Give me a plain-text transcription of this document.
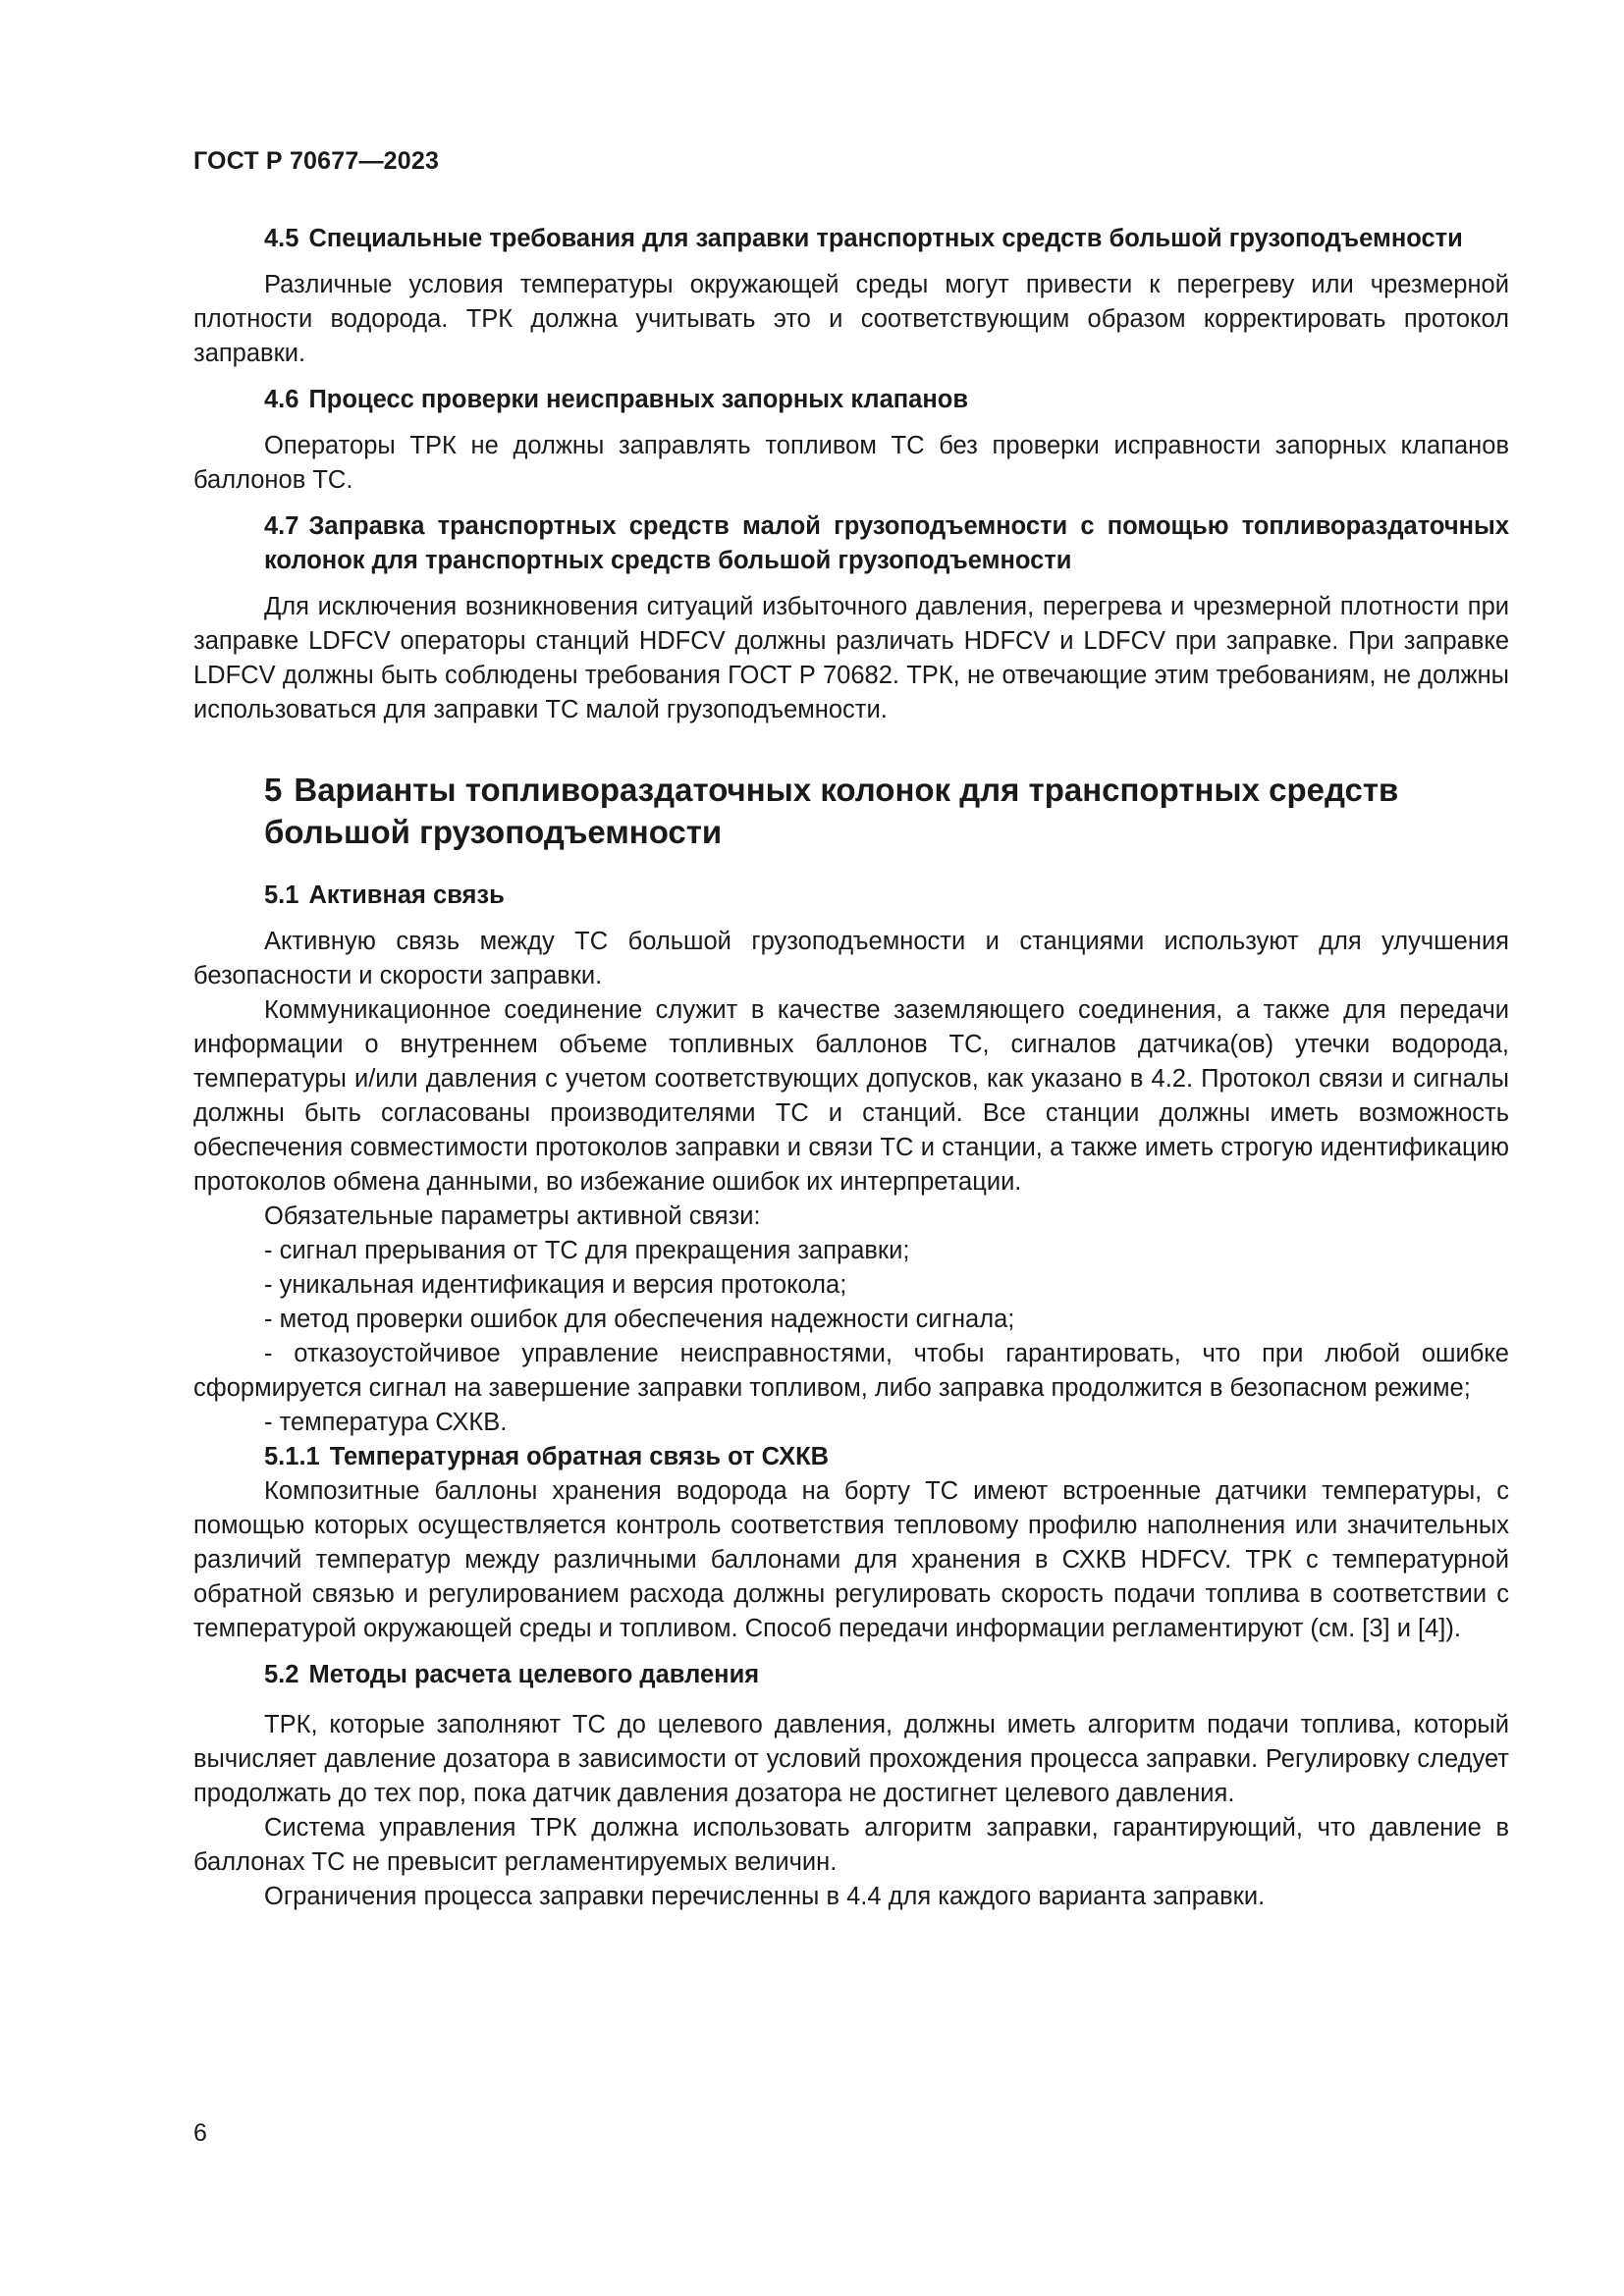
ГОСТ Р 70677—2023
4.5 Специальные требования для заправки транспортных средств большой грузоподъемности

Различные условия температуры окружающей среды могут привести к перегреву или чрезмерной плотности водорода. ТРК должна учитывать это и соответствующим образом корректировать протокол заправки.

4.6 Процесс проверки неисправных запорных клапанов

Операторы ТРК не должны заправлять топливом ТС без проверки исправности запорных клапанов баллонов ТС.

4.7 Заправка транспортных средств малой грузоподъемности с помощью топливораздаточных колонок для транспортных средств большой грузоподъемности

Для исключения возникновения ситуаций избыточного давления, перегрева и чрезмерной плотности при заправке LDFCV операторы станций HDFCV должны различать HDFCV и LDFCV при заправке. При заправке LDFCV должны быть соблюдены требования ГОСТ Р 70682. ТРК, не отвечающие этим требованиям, не должны использоваться для заправки ТС малой грузоподъемности.

5 Варианты топливораздаточных колонок для транспортных средств большой грузоподъемности
5.1 Активная связь

Активную связь между ТС большой грузоподъемности и станциями используют для улучшения безопасности и скорости заправки.

Коммуникационное соединение служит в качестве заземляющего соединения, а также для передачи информации о внутреннем объеме топливных баллонов ТС, сигналов датчика(ов) утечки водорода, температуры и/или давления с учетом соответствующих допусков, как указано в 4.2. Протокол связи и сигналы должны быть согласованы производителями ТС и станций. Все станции должны иметь возможность обеспечения совместимости протоколов заправки и связи ТС и станции, а также иметь строгую идентификацию протоколов обмена данными, во избежание ошибок их интерпретации.

Обязательные параметры активной связи:

- сигнал прерывания от ТС для прекращения заправки;
- уникальная идентификация и версия протокола;
- метод проверки ошибок для обеспечения надежности сигнала;
- отказоустойчивое управление неисправностями, чтобы гарантировать, что при любой ошибке сформируется сигнал на завершение заправки топливом, либо заправка продолжится в безопасном режиме;
- температура СХКВ.
5.1.1 Температурная обратная связь от СХКВ

Композитные баллоны хранения водорода на борту ТС имеют встроенные датчики температуры, с помощью которых осуществляется контроль соответствия тепловому профилю наполнения или значительных различий температур между различными баллонами для хранения в СХКВ HDFCV. ТРК с температурной обратной связью и регулированием расхода должны регулировать скорость подачи топлива в соответствии с температурой окружающей среды и топливом. Способ передачи информации регламентируют (см. [3] и [4]).

5.2 Методы расчета целевого давления

ТРК, которые заполняют ТС до целевого давления, должны иметь алгоритм подачи топлива, который вычисляет давление дозатора в зависимости от условий прохождения процесса заправки. Регулировку следует продолжать до тех пор, пока датчик давления дозатора не достигнет целевого давления.

Система управления ТРК должна использовать алгоритм заправки, гарантирующий, что давление в баллонах ТС не превысит регламентируемых величин.

Ограничения процесса заправки перечисленны в 4.4 для каждого варианта заправки.

6
